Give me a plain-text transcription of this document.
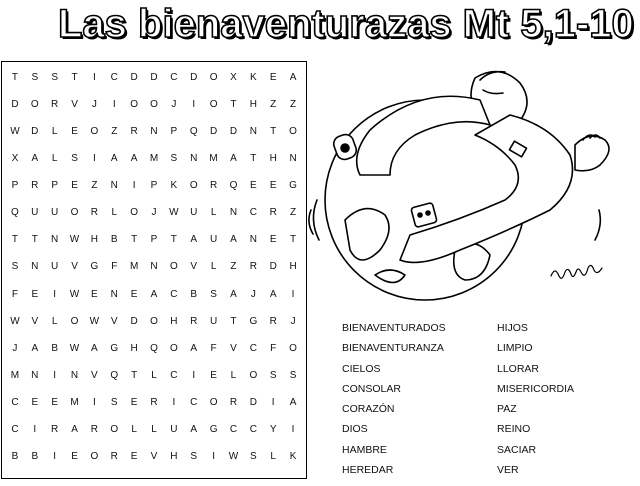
Las bienaventurazas Mt 5,1-10
T	S	S	T	I	C	D	D	C	D	O	X	K	E	A
D	O	R	V	J	I	O	O	J	I	O	T	H	Z	Z
W	D	L	E	O	Z	R	N	P	Q	D	D	N	T	O
X	A	L	S	I	A	A	M	S	N	M	A	T	H	N
P	R	P	E	Z	N	I	P	K	O	R	Q	E	E	G
Q	U	U	O	R	L	O	J	W	U	L	N	C	R	Z
T	T	N	W	H	B	T	P	T	A	U	A	N	E	T
S	N	U	V	G	F	M	N	O	V	L	Z	R	D	H
F	E	I	W	E	N	E	A	C	B	S	A	J	A	I
W	V	L	O	W	V	D	O	H	R	U	T	G	R	J
J	A	B	W	A	G	H	Q	O	A	F	V	C	F	O
M	N	I	N	V	Q	T	L	C	I	E	L	O	S	S
C	E	E	M	I	S	E	R	I	C	O	R	D	I	A
C	I	R	A	R	O	L	L	U	A	G	C	C	Y	I
B	B	I	E	O	R	E	V	H	S	I	W	S	L	K
BIENAVENTURADOS
BIENAVENTURANZA
CIELOS
CONSOLAR
CORAZÓN
DIOS
HAMBRE
HEREDAR
HIJOS
LIMPIO
LLORAR
MISERICORDIA
PAZ
REINO
SACIAR
VER
